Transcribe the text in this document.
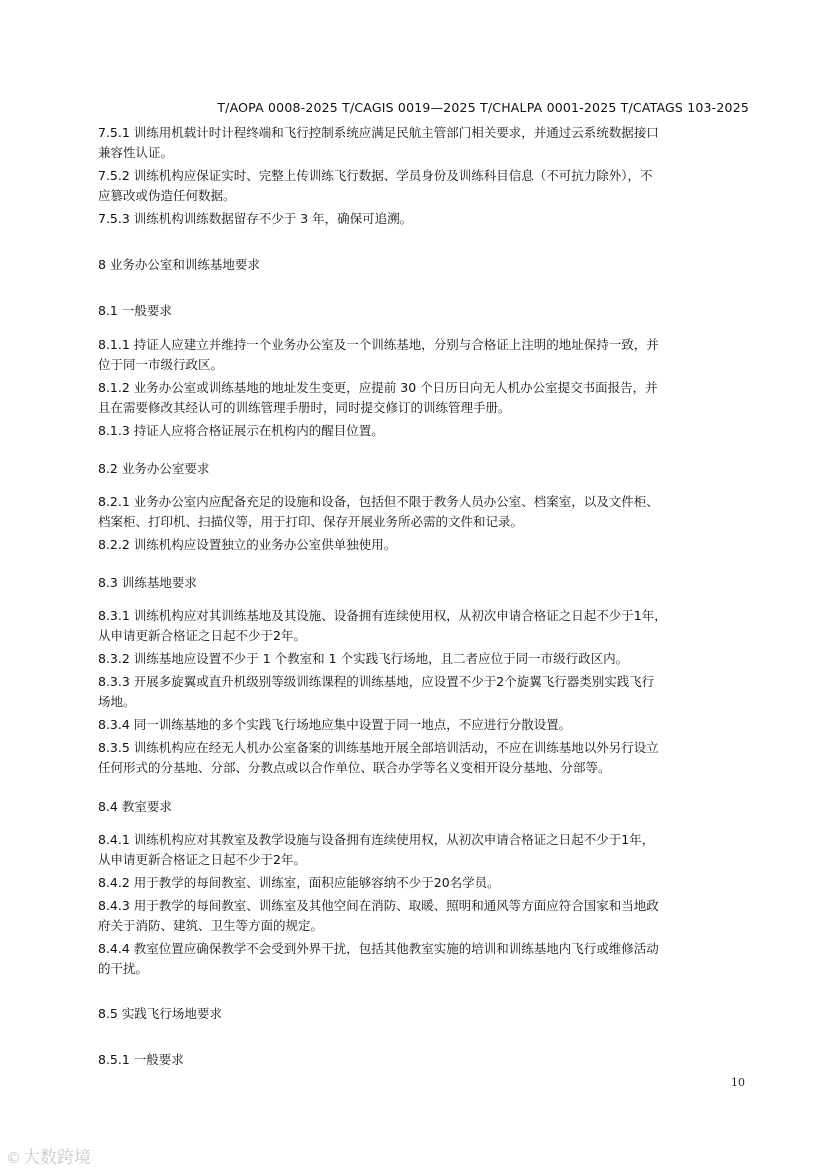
T/AOPA 0008-2025 T/CAGIS 0019—2025 T/CHALPA 0001-2025 T/CATAGS 103-2025

7.5.1 训练用机载计时计程终端和飞行控制系统应满足民航主管部门相关要求，并通过云系统数据接口

兼容性认证。

7.5.2 训练机构应保证实时、完整上传训练飞行数据、学员身份及训练科目信息（不可抗力除外），不

应篡改或伪造任何数据。

7.5.3 训练机构训练数据留存不少于 3 年，确保可追溯。

8 业务办公室和训练基地要求

8.1 一般要求

8.1.1 持证人应建立并维持一个业务办公室及一个训练基地，分别与合格证上注明的地址保持一致，并

位于同一市级行政区。

8.1.2 业务办公室或训练基地的地址发生变更，应提前 30 个日历日向无人机办公室提交书面报告，并

且在需要修改其经认可的训练管理手册时，同时提交修订的训练管理手册。

8.1.3 持证人应将合格证展示在机构内的醒目位置。

8.2 业务办公室要求

8.2.1 业务办公室内应配备充足的设施和设备，包括但不限于教务人员办公室、档案室，以及文件柜、

档案柜、打印机、扫描仪等，用于打印、保存开展业务所必需的文件和记录。

8.2.2 训练机构应设置独立的业务办公室供单独使用。

8.3 训练基地要求

8.3.1 训练机构应对其训练基地及其设施、设备拥有连续使用权，从初次申请合格证之日起不少于1年，

从申请更新合格证之日起不少于2年。

8.3.2 训练基地应设置不少于 1 个教室和 1 个实践飞行场地，且二者应位于同一市级行政区内。

8.3.3 开展多旋翼或直升机级别等级训练课程的训练基地，应设置不少于2个旋翼飞行器类别实践飞行

场地。

8.3.4 同一训练基地的多个实践飞行场地应集中设置于同一地点，不应进行分散设置。

8.3.5 训练机构应在经无人机办公室备案的训练基地开展全部培训活动，不应在训练基地以外另行设立

任何形式的分基地、分部、分教点或以合作单位、联合办学等名义变相开设分基地、分部等。

8.4 教室要求

8.4.1 训练机构应对其教室及教学设施与设备拥有连续使用权，从初次申请合格证之日起不少于1年，

从申请更新合格证之日起不少于2年。

8.4.2 用于教学的每间教室、训练室，面积应能够容纳不少于20名学员。

8.4.3 用于教学的每间教室、训练室及其他空间在消防、取暖、照明和通风等方面应符合国家和当地政

府关于消防、建筑、卫生等方面的规定。

8.4.4 教室位置应确保教学不会受到外界干扰，包括其他教室实施的培训和训练基地内飞行或维修活动

的干扰。

8.5 实践飞行场地要求

8.5.1 一般要求

10
© 大数跨境
